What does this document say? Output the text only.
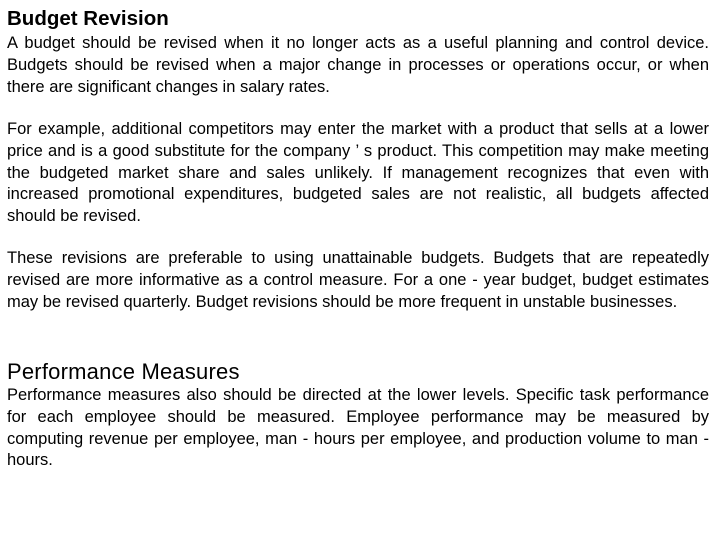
Budget Revision

A budget should be revised when it no longer acts as a useful planning and control device. Budgets should be revised when a major change in processes or operations occur, or when there are significant changes in salary rates.

For example, additional competitors may enter the market with a product that sells at a lower price and is a good substitute for the company ’ s product. This competition may make meeting the budgeted market share and sales unlikely. If management recognizes that even with increased promotional expenditures, budgeted sales are not realistic, all budgets affected should be revised.

These revisions are preferable to using unattainable budgets. Budgets that are repeatedly revised are more informative as a control measure. For a one - year budget, budget estimates may be revised quarterly. Budget revisions should be more frequent in unstable businesses.

Performance Measures

Performance measures also should be directed at the lower levels. Specific task performance for each employee should be measured. Employee performance may be measured by computing revenue per employee, man - hours per employee, and production volume to man - hours.
